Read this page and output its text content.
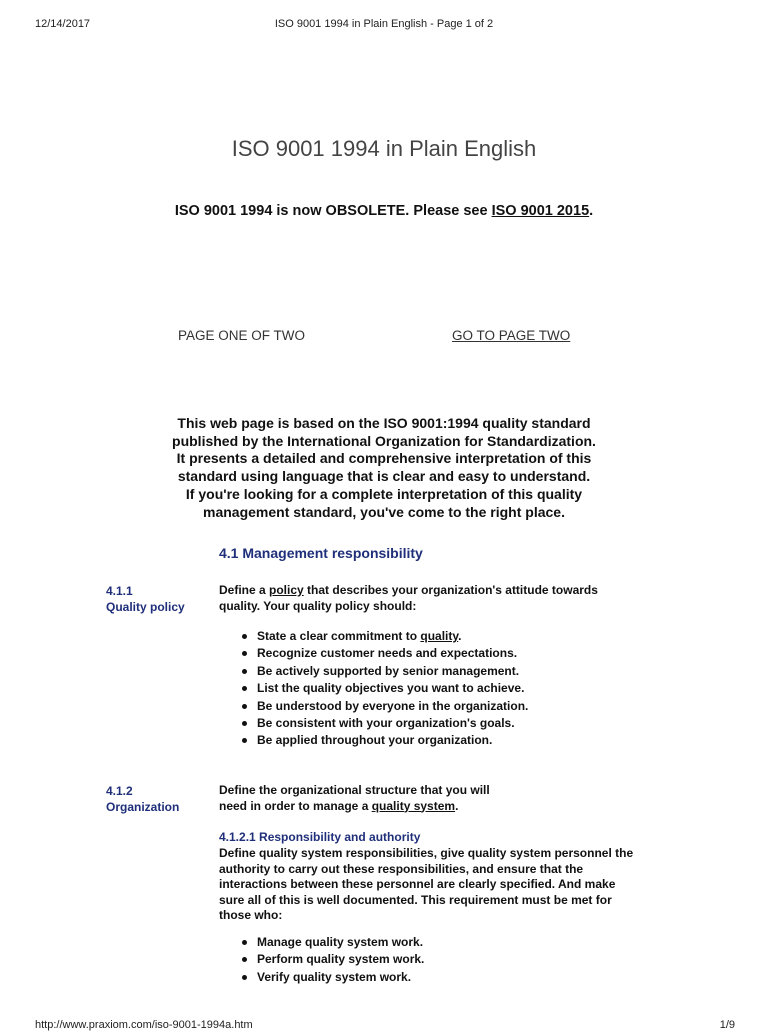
12/14/2017	ISO 9001 1994 in Plain English - Page 1 of 2
ISO 9001 1994 in Plain English
ISO 9001 1994 is now OBSOLETE. Please see ISO 9001 2015.
PAGE ONE OF TWO	GO TO PAGE TWO
This web page is based on the ISO 9001:1994 quality standard
published by the International Organization for Standardization.
It presents a detailed and comprehensive interpretation of this
standard using language that is clear and easy to understand.
If you're looking for a complete interpretation of this quality
management standard, you've come to the right place.
4.1 Management responsibility
4.1.1
Quality policy
Define a policy that describes your organization's attitude towards quality. Your quality policy should:
State a clear commitment to quality.
Recognize customer needs and expectations.
Be actively supported by senior management.
List the quality objectives you want to achieve.
Be understood by everyone in the organization.
Be consistent with your organization's goals.
Be applied throughout your organization.
4.1.2
Organization
Define the organizational structure that you will need in order to manage a quality system.
4.1.2.1 Responsibility and authority
Define quality system responsibilities, give quality system personnel the authority to carry out these responsibilities, and ensure that the interactions between these personnel are clearly specified. And make sure all of this is well documented. This requirement must be met for those who:
Manage quality system work.
Perform quality system work.
Verify quality system work.
http://www.praxiom.com/iso-9001-1994a.htm	1/9
